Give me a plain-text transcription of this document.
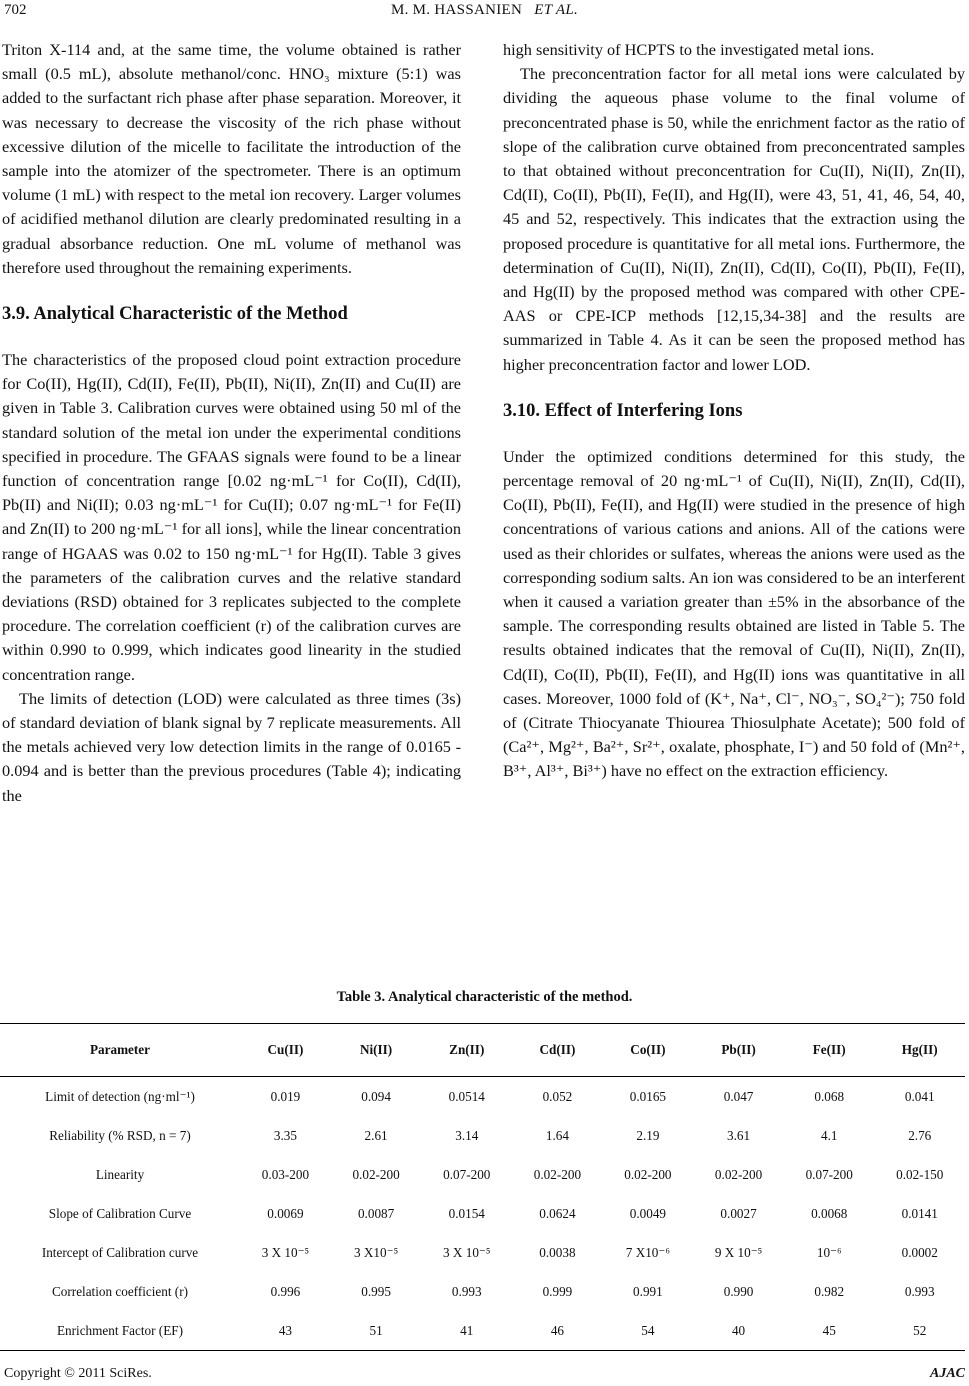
702	M. M. HASSANIEN ET AL.

Triton X-114 and, at the same time, the volume obtained is rather small (0.5 mL), absolute methanol/conc. HNO₃ mixture (5:1) was added to the surfactant rich phase after phase separation. Moreover, it was necessary to decrease the viscosity of the rich phase without excessive dilution of the micelle to facilitate the introduction of the sample into the atomizer of the spectrometer. There is an optimum volume (1 mL) with respect to the metal ion recovery. Larger volumes of acidified methanol dilution are clearly predominated resulting in a gradual absorbance reduction. One mL volume of methanol was therefore used throughout the remaining experiments.

3.9. Analytical Characteristic of the Method

The characteristics of the proposed cloud point extraction procedure for Co(II), Hg(II), Cd(II), Fe(II), Pb(II), Ni(II), Zn(II) and Cu(II) are given in Table 3. Calibration curves were obtained using 50 ml of the standard solution of the metal ion under the experimental conditions specified in procedure. The GFAAS signals were found to be a linear function of concentration range [0.02 ng·mL⁻¹ for Co(II), Cd(II), Pb(II) and Ni(II); 0.03 ng·mL⁻¹ for Cu(II); 0.07 ng·mL⁻¹ for Fe(II) and Zn(II) to 200 ng·mL⁻¹ for all ions], while the linear concentration range of HGAAS was 0.02 to 150 ng·mL⁻¹ for Hg(II). Table 3 gives the parameters of the calibration curves and the relative standard deviations (RSD) obtained for 3 replicates subjected to the complete procedure. The correlation coefficient (r) of the calibration curves are within 0.990 to 0.999, which indicates good linearity in the studied concentration range.

The limits of detection (LOD) were calculated as three times (3s) of standard deviation of blank signal by 7 replicate measurements. All the metals achieved very low detection limits in the range of 0.0165 - 0.094 and is better than the previous procedures (Table 4); indicating the

high sensitivity of HCPTS to the investigated metal ions.

The preconcentration factor for all metal ions were calculated by dividing the aqueous phase volume to the final volume of preconcentrated phase is 50, while the enrichment factor as the ratio of slope of the calibration curve obtained from preconcentrated samples to that obtained without preconcentration for Cu(II), Ni(II), Zn(II), Cd(II), Co(II), Pb(II), Fe(II), and Hg(II), were 43, 51, 41, 46, 54, 40, 45 and 52, respectively. This indicates that the extraction using the proposed procedure is quantitative for all metal ions. Furthermore, the determination of Cu(II), Ni(II), Zn(II), Cd(II), Co(II), Pb(II), Fe(II), and Hg(II) by the proposed method was compared with other CPE-AAS or CPE-ICP methods [12,15,34-38] and the results are summarized in Table 4. As it can be seen the proposed method has higher preconcentration factor and lower LOD.

3.10. Effect of Interfering Ions

Under the optimized conditions determined for this study, the percentage removal of 20 ng·mL⁻¹ of Cu(II), Ni(II), Zn(II), Cd(II), Co(II), Pb(II), Fe(II), and Hg(II) were studied in the presence of high concentrations of various cations and anions. All of the cations were used as their chlorides or sulfates, whereas the anions were used as the corresponding sodium salts. An ion was considered to be an interferent when it caused a variation greater than ±5% in the absorbance of the sample. The corresponding results obtained are listed in Table 5. The results obtained indicates that the removal of Cu(II), Ni(II), Zn(II), Cd(II), Co(II), Pb(II), Fe(II), and Hg(II) ions was quantitative in all cases. Moreover, 1000 fold of (K⁺, Na⁺, Cl⁻, NO₃⁻, SO₄²⁻); 750 fold of (Citrate Thiocyanate Thiourea Thiosulphate Acetate); 500 fold of (Ca²⁺, Mg²⁺, Ba²⁺, Sr²⁺, oxalate, phosphate, I⁻) and 50 fold of (Mn²⁺, B³⁺, Al³⁺, Bi³⁺) have no effect on the extraction efficiency.

Table 3. Analytical characteristic of the method.
Parameter	Cu(II)	Ni(II)	Zn(II)	Cd(II)	Co(II)	Pb(II)	Fe(II)	Hg(II)
Limit of detection (ng·ml⁻¹)	0.019	0.094	0.0514	0.052	0.0165	0.047	0.068	0.041
Reliability (% RSD, n = 7)	3.35	2.61	3.14	1.64	2.19	3.61	4.1	2.76
Linearity	0.03-200	0.02-200	0.07-200	0.02-200	0.02-200	0.02-200	0.07-200	0.02-150
Slope of Calibration Curve	0.0069	0.0087	0.0154	0.0624	0.0049	0.0027	0.0068	0.0141
Intercept of Calibration curve	3 X 10⁻⁵	3 X10⁻⁵	3 X 10⁻⁵	0.0038	7 X10⁻⁶	9 X 10⁻⁵	10⁻⁶	0.0002
Correlation coefficient (r)	0.996	0.995	0.993	0.999	0.991	0.990	0.982	0.993
Enrichment Factor (EF)	43	51	41	46	54	40	45	52
Copyright © 2011 SciRes.	AJAC
